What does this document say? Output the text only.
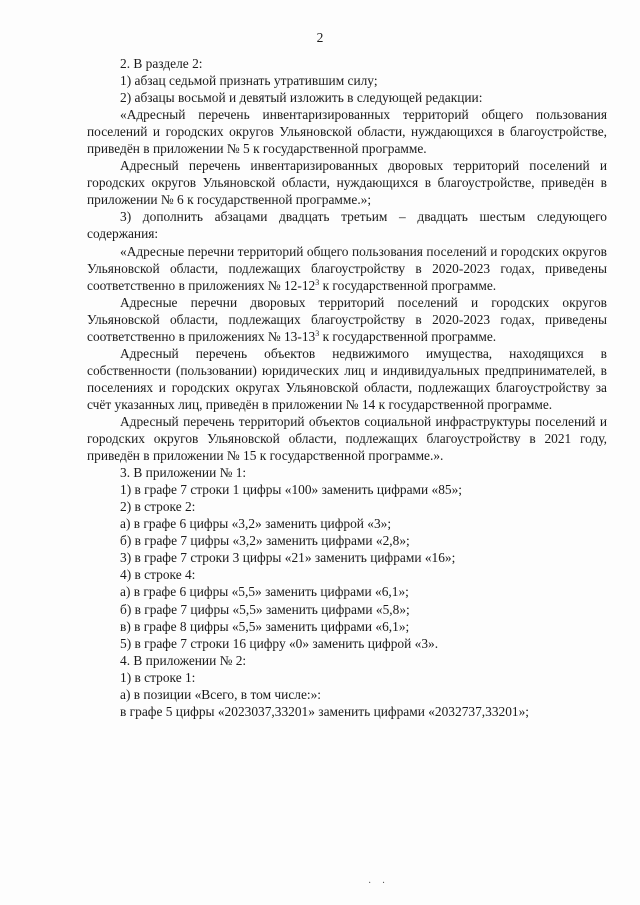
2

2. В разделе 2:

1) абзац седьмой признать утратившим силу;

2) абзацы восьмой и девятый изложить в следующей редакции:

«Адресный перечень инвентаризированных территорий общего пользования поселений и городских округов Ульяновской области, нуждающихся в благоустройстве, приведён в приложении № 5 к государственной программе.

Адресный перечень инвентаризированных дворовых территорий поселений и городских округов Ульяновской области, нуждающихся в благоустройстве, приведён в приложении № 6 к государственной программе.»;

3) дополнить абзацами двадцать третьим – двадцать шестым следующего содержания:

«Адресные перечни территорий общего пользования поселений и городских округов Ульяновской области, подлежащих благоустройству в 2020-2023 годах, приведены соответственно в приложениях № $12-12^3$ к государственной программе.

Адресные перечни дворовых территорий поселений и городских округов Ульяновской области, подлежащих благоустройству в 2020-2023 годах, приведены соответственно в приложениях № $13-13^3$ к государственной программе.

Адресный перечень объектов недвижимого имущества, находящихся в собственности (пользовании) юридических лиц и индивидуальных предпринимателей, в поселениях и городских округах Ульяновской области, подлежащих благоустройству за счёт указанных лиц, приведён в приложении № 14 к государственной программе.

Адресный перечень территорий объектов социальной инфраструктуры поселений и городских округов Ульяновской области, подлежащих благоустройству в 2021 году, приведён в приложении № 15 к государственной программе.».

3. В приложении № 1:

1) в графе 7 строки 1 цифры «100» заменить цифрами «85»;

2) в строке 2:

а) в графе 6 цифры «3,2» заменить цифрой «3»;

б) в графе 7 цифры «3,2» заменить цифрами «2,8»;

3) в графе 7 строки 3 цифры «21» заменить цифрами «16»;

4) в строке 4:

а) в графе 6 цифры «5,5» заменить цифрами «6,1»;

б) в графе 7 цифры «5,5» заменить цифрами «5,8»;

в) в графе 8 цифры «5,5» заменить цифрами «6,1»;

5) в графе 7 строки 16 цифру «0» заменить цифрой «3».

4. В приложении № 2:

1) в строке 1:

а) в позиции «Всего, в том числе:»:

в графе 5 цифры «2023037,33201» заменить цифрами «2032737,33201»;

· ·
